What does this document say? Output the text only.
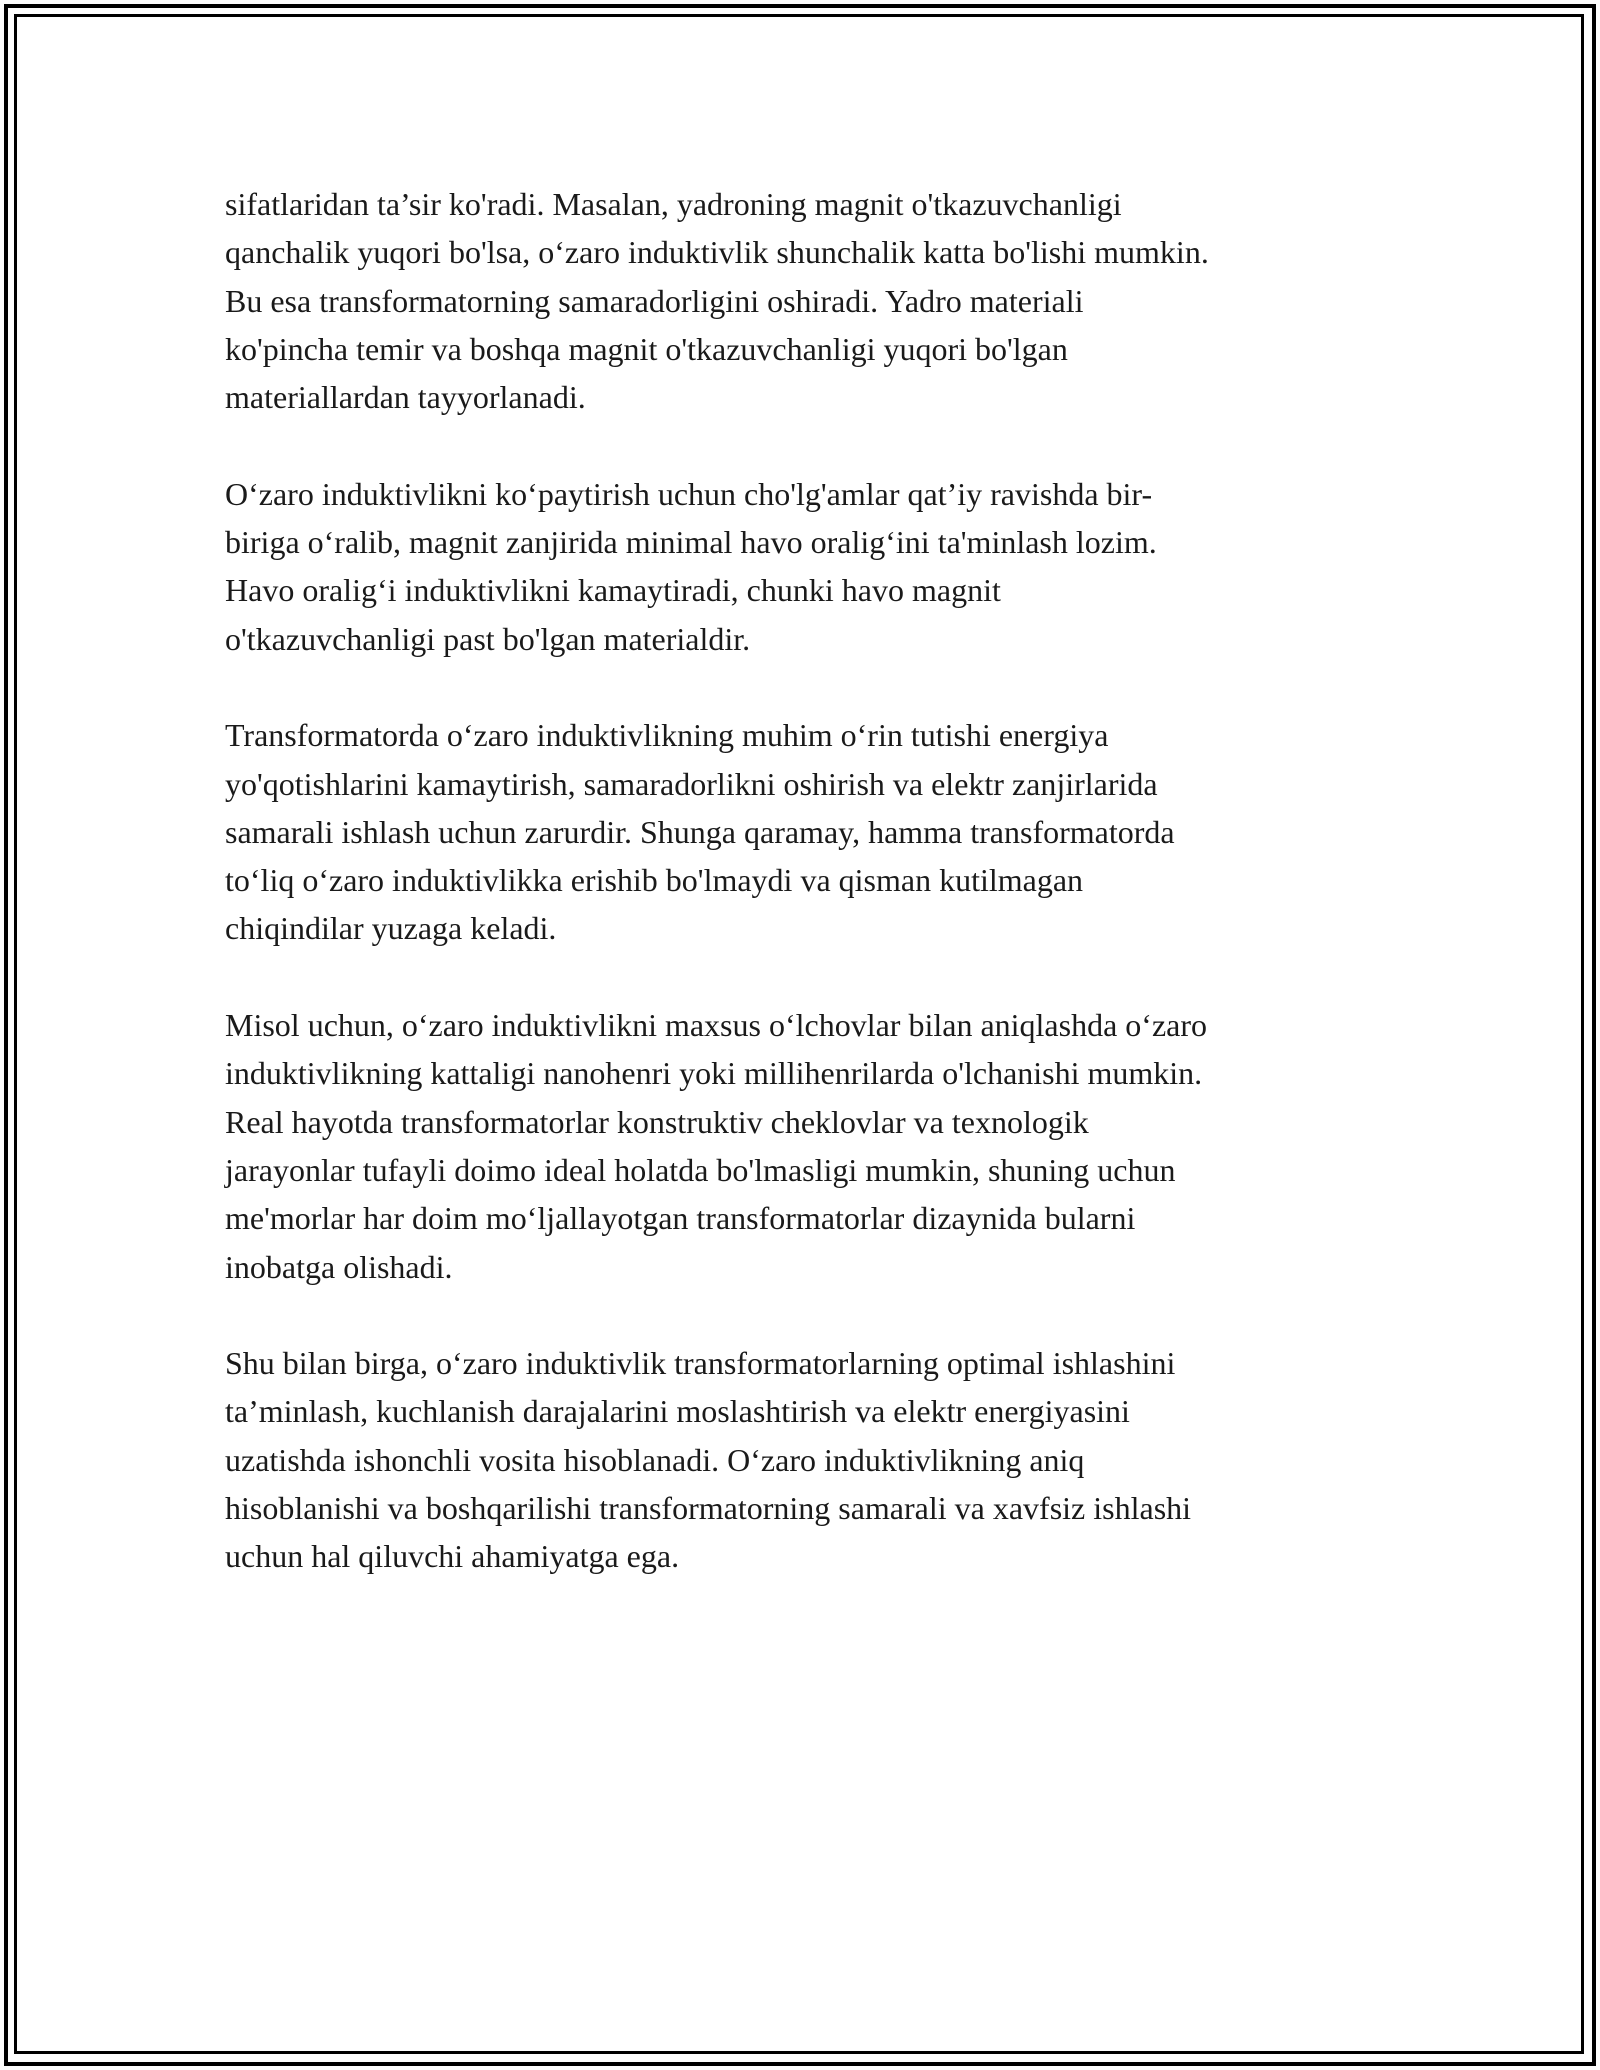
sifatlaridan ta’sir ko'radi. Masalan, yadroning magnit o'tkazuvchanligi
qanchalik yuqori bo'lsa, o‘zaro induktivlik shunchalik katta bo'lishi mumkin.
Bu esa transformatorning samaradorligini oshiradi. Yadro materiali
ko'pincha temir va boshqa magnit o'tkazuvchanligi yuqori bo'lgan
materiallardan tayyorlanadi.

O‘zaro induktivlikni ko‘paytirish uchun cho'lg'amlar qat’iy ravishda bir-
biriga o‘ralib, magnit zanjirida minimal havo oralig‘ini ta'minlash lozim.
Havo oralig‘i induktivlikni kamaytiradi, chunki havo magnit
o'tkazuvchanligi past bo'lgan materialdir.

Transformatorda o‘zaro induktivlikning muhim o‘rin tutishi energiya
yo'qotishlarini kamaytirish, samaradorlikni oshirish va elektr zanjirlarida
samarali ishlash uchun zarurdir. Shunga qaramay, hamma transformatorda
to‘liq o‘zaro induktivlikka erishib bo'lmaydi va qisman kutilmagan
chiqindilar yuzaga keladi.

Misol uchun, o‘zaro induktivlikni maxsus o‘lchovlar bilan aniqlashda o‘zaro
induktivlikning kattaligi nanohenri yoki millihenrilarda o'lchanishi mumkin.
Real hayotda transformatorlar konstruktiv cheklovlar va texnologik
jarayonlar tufayli doimo ideal holatda bo'lmasligi mumkin, shuning uchun
me'morlar har doim mo‘ljallayotgan transformatorlar dizaynida bularni
inobatga olishadi.

Shu bilan birga, o‘zaro induktivlik transformatorlarning optimal ishlashini
ta’minlash, kuchlanish darajalarini moslashtirish va elektr energiyasini
uzatishda ishonchli vosita hisoblanadi. O‘zaro induktivlikning aniq
hisoblanishi va boshqarilishi transformatorning samarali va xavfsiz ishlashi
uchun hal qiluvchi ahamiyatga ega.
